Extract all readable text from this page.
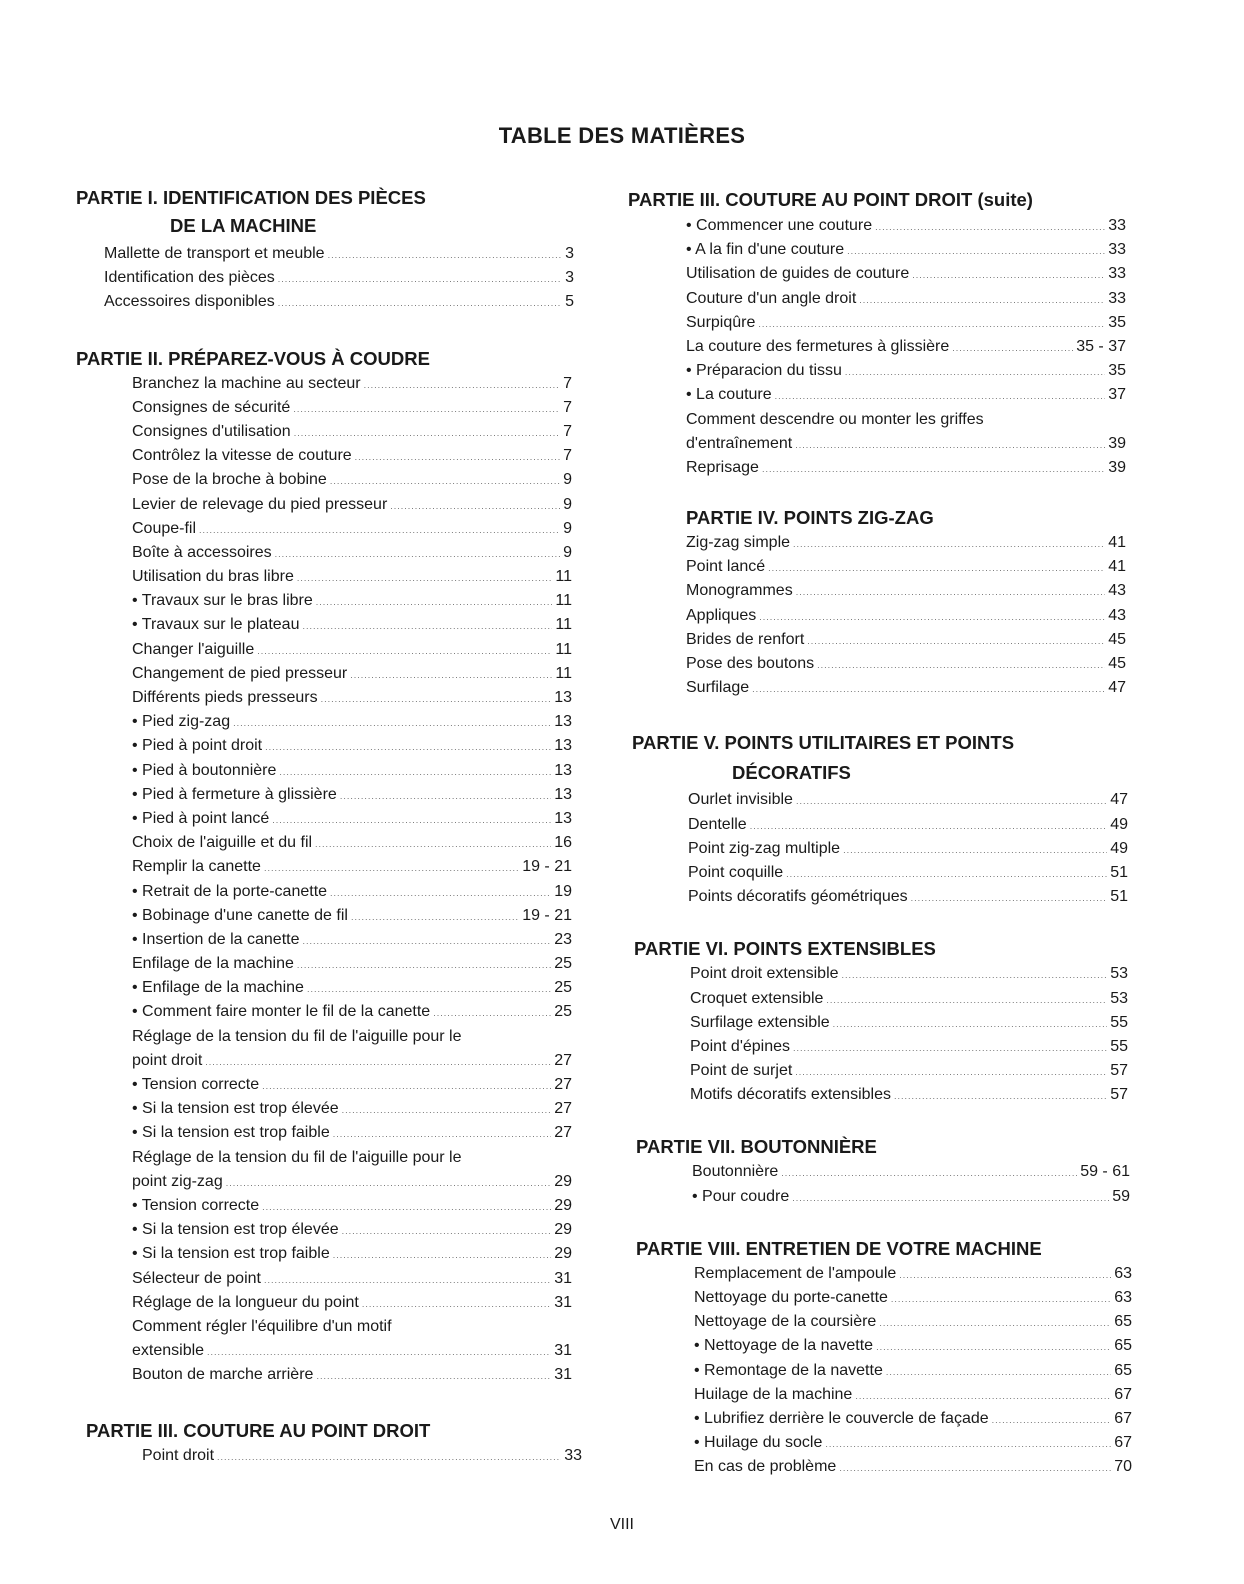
TABLE DES MATIÈRES
PARTIE I. IDENTIFICATION DES PIÈCES
DE LA MACHINE
Mallette de transport et meuble .....	3
Identification des pièces .....	3
Accessoires disponibles .....	5
PARTIE II. PRÉPAREZ-VOUS À COUDRE
Branchez la machine au secteur .....	7
Consignes de sécurité .....	7
Consignes d'utilisation .....	7
Contrôlez la vitesse de couture .....	7
Pose de la broche à bobine .....	9
Levier de relevage du pied presseur .....	9
Coupe-fil .....	9
Boîte à accessoires .....	9
Utilisation du bras libre .....	11
• Travaux sur le bras libre .....	11
• Travaux sur le plateau .....	11
Changer l'aiguille .....	11
Changement de pied presseur .....	11
Différents pieds presseurs .....	13
• Pied zig-zag .....	13
• Pied à point droit .....	13
• Pied à boutonnière .....	13
• Pied à fermeture à glissière .....	13
• Pied à point lancé .....	13
Choix de l'aiguille et du fil .....	16
Remplir la canette .....	19 - 21
• Retrait de la porte-canette .....	19
• Bobinage d'une canette de fil .....	19 - 21
• Insertion de la canette .....	23
Enfilage de la machine .....	25
• Enfilage de la machine .....	25
• Comment faire monter le fil de la canette .....	25
Réglage de la tension du fil de l'aiguille pour le
point droit .....	27
• Tension correcte .....	27
• Si la tension est trop élevée .....	27
• Si la tension est trop faible .....	27
Réglage de la tension du fil de l'aiguille pour le
point zig-zag .....	29
• Tension correcte .....	29
• Si la tension est trop élevée .....	29
• Si la tension est trop faible .....	29
Sélecteur de point .....	31
Réglage de la longueur du point .....	31
Comment régler l'équilibre d'un motif
extensible .....	31
Bouton de marche arrière .....	31
PARTIE III. COUTURE AU POINT DROIT
Point droit .....	33
PARTIE III. COUTURE AU POINT DROIT (suite)
• Commencer une couture .....	33
• A la fin d'une couture .....	33
Utilisation de guides de couture .....	33
Couture d'un angle droit .....	33
Surpiqûre .....	35
La couture des fermetures à glissière .....	35 - 37
• Préparacion du tissu .....	35
• La couture .....	37
Comment descendre ou monter les griffes
d'entraînement .....	39
Reprisage .....	39
PARTIE IV. POINTS ZIG-ZAG
Zig-zag simple .....	41
Point lancé .....	41
Monogrammes .....	43
Appliques .....	43
Brides de renfort .....	45
Pose des boutons .....	45
Surfilage .....	47
PARTIE V. POINTS UTILITAIRES ET POINTS
DÉCORATIFS
Ourlet invisible .....	47
Dentelle .....	49
Point zig-zag multiple .....	49
Point coquille .....	51
Points décoratifs géométriques .....	51
PARTIE VI. POINTS EXTENSIBLES
Point droit extensible .....	53
Croquet extensible .....	53
Surfilage extensible .....	55
Point d'épines .....	55
Point de surjet .....	57
Motifs décoratifs extensibles .....	57
PARTIE VII. BOUTONNIÈRE
Boutonnière .....	59 - 61
• Pour coudre .....	59
PARTIE VIII. ENTRETIEN DE VOTRE MACHINE
Remplacement de l'ampoule .....	63
Nettoyage du porte-canette .....	63
Nettoyage de la coursière .....	65
• Nettoyage de la navette .....	65
• Remontage de la navette .....	65
Huilage de la machine .....	67
• Lubrifiez derrière le couvercle de façade .....	67
• Huilage du socle .....	67
En cas de problème .....	70
VIII
